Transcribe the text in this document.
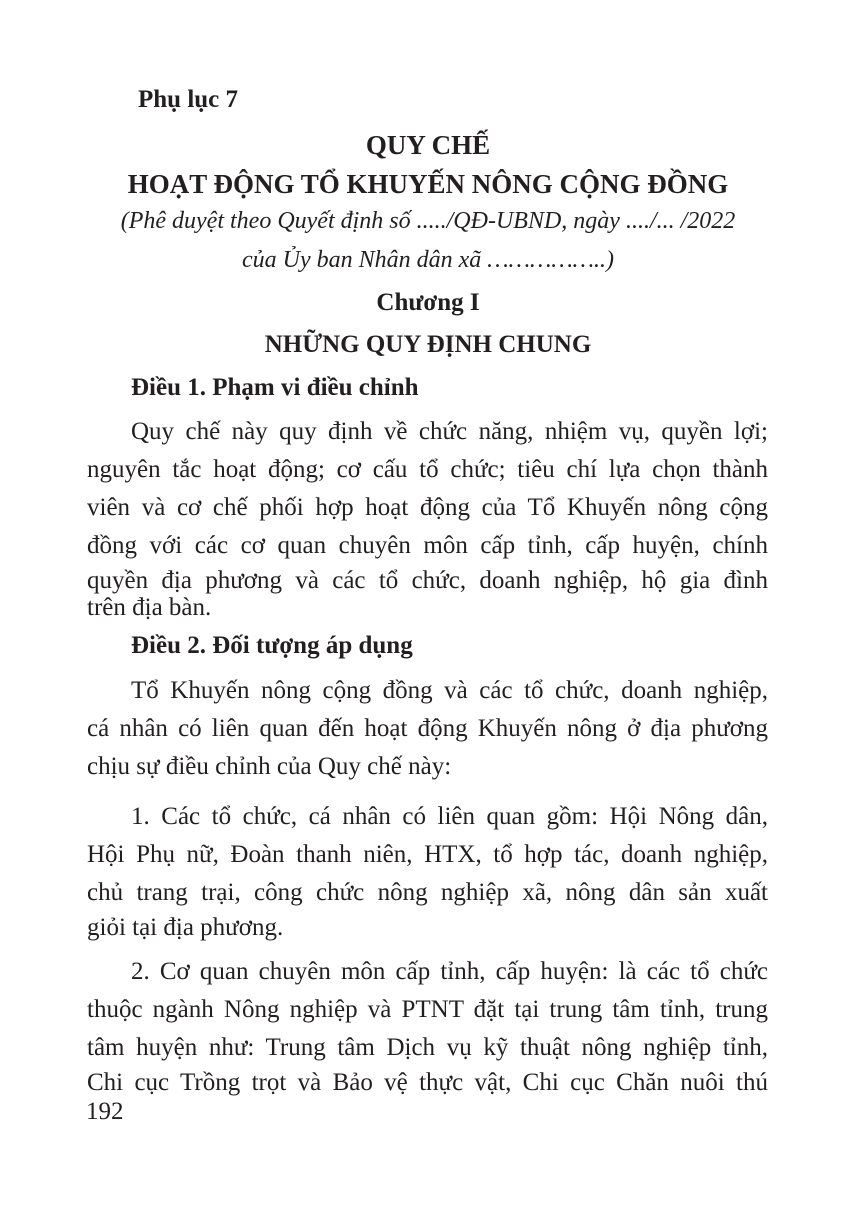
Phụ lục 7
QUY CHẾ
HOẠT ĐỘNG TỔ KHUYẾN NÔNG CỘNG ĐỒNG
(Phê duyệt theo Quyết định số ...../QĐ-UBND, ngày ..../... /2022
của Ủy ban Nhân dân xã ……………..)
Chương I
NHỮNG QUY ĐỊNH CHUNG
Điều 1. Phạm vi điều chỉnh
Quy chế này quy định về chức năng, nhiệm vụ, quyền lợi;
nguyên tắc hoạt động; cơ cấu tổ chức; tiêu chí lựa chọn thành
viên và cơ chế phối hợp hoạt động của Tổ Khuyến nông cộng
đồng với các cơ quan chuyên môn cấp tỉnh, cấp huyện, chính
quyền địa phương và các tổ chức, doanh nghiệp, hộ gia đình
trên địa bàn.
Điều 2. Đối tượng áp dụng
Tổ Khuyến nông cộng đồng và các tổ chức, doanh nghiệp,
cá nhân có liên quan đến hoạt động Khuyến nông ở địa phương
chịu sự điều chỉnh của Quy chế này:
1. Các tổ chức, cá nhân có liên quan gồm: Hội Nông dân,
Hội Phụ nữ, Đoàn thanh niên, HTX, tổ hợp tác, doanh nghiệp,
chủ trang trại, công chức nông nghiệp xã, nông dân sản xuất
giỏi tại địa phương.
2. Cơ quan chuyên môn cấp tỉnh, cấp huyện: là các tổ chức
thuộc ngành Nông nghiệp và PTNT đặt tại trung tâm tỉnh, trung
tâm huyện như: Trung tâm Dịch vụ kỹ thuật nông nghiệp tỉnh,
Chi cục Trồng trọt và Bảo vệ thực vật, Chi cục Chăn nuôi thú
192
